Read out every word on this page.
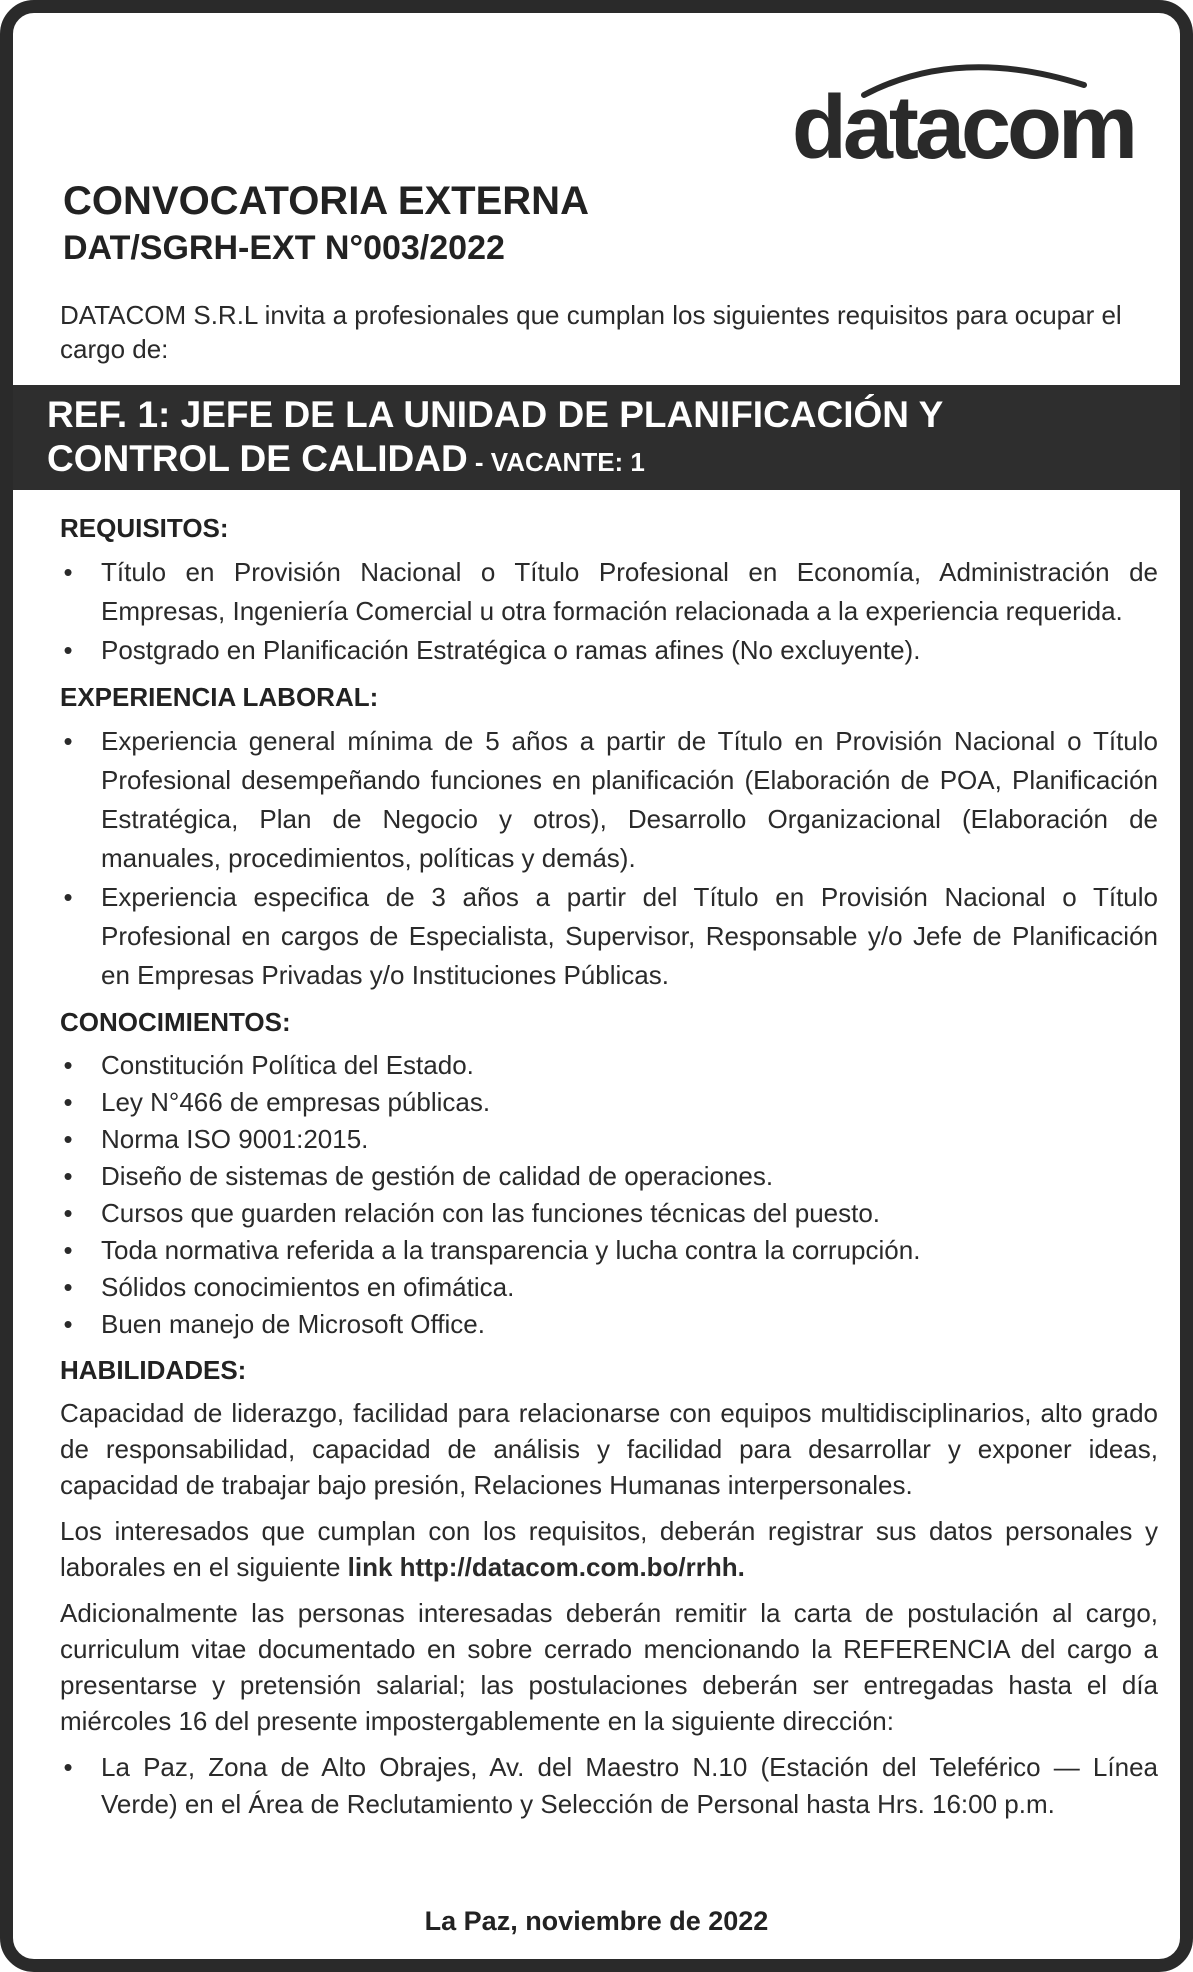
datacom
CONVOCATORIA EXTERNA
DAT/SGRH-EXT N°003/2022

DATACOM S.R.L invita a profesionales que cumplan los siguientes requisitos para ocupar el cargo de:

REF. 1: JEFE DE LA UNIDAD DE PLANIFICACIÓN Y
CONTROL DE CALIDAD - VACANTE: 1
REQUISITOS:
• Título en Provisión Nacional o Título Profesional en Economía, Administración de Empresas, Ingeniería Comercial u otra formación relacionada a la experiencia requerida.
• Postgrado en Planificación Estratégica o ramas afines (No excluyente).
EXPERIENCIA LABORAL:
• Experiencia general mínima de 5 años a partir de Título en Provisión Nacional o Título Profesional desempeñando funciones en planificación (Elaboración de POA, Planificación Estratégica, Plan de Negocio y otros), Desarrollo Organizacional (Elaboración de manuales, procedimientos, políticas y demás).
• Experiencia especifica de 3 años a partir del Título en Provisión Nacional o Título Profesional en cargos de Especialista, Supervisor, Responsable y/o Jefe de Planificación en Empresas Privadas y/o Instituciones Públicas.
CONOCIMIENTOS:
• Constitución Política del Estado.
• Ley N°466 de empresas públicas.
• Norma ISO 9001:2015.
• Diseño de sistemas de gestión de calidad de operaciones.
• Cursos que guarden relación con las funciones técnicas del puesto.
• Toda normativa referida a la transparencia y lucha contra la corrupción.
• Sólidos conocimientos en ofimática.
• Buen manejo de Microsoft Office.
HABILIDADES:

Capacidad de liderazgo, facilidad para relacionarse con equipos multidisciplinarios, alto grado de responsabilidad, capacidad de análisis y facilidad para desarrollar y exponer ideas, capacidad de trabajar bajo presión, Relaciones Humanas interpersonales.

Los interesados que cumplan con los requisitos, deberán registrar sus datos personales y laborales en el siguiente link http://datacom.com.bo/rrhh.

Adicionalmente las personas interesadas deberán remitir la carta de postulación al cargo, curriculum vitae documentado en sobre cerrado mencionando la REFERENCIA del cargo a presentarse y pretensión salarial; las postulaciones deberán ser entregadas hasta el día miércoles 16 del presente impostergablemente en la siguiente dirección:

• La Paz, Zona de Alto Obrajes, Av. del Maestro N.10 (Estación del Teleférico — Línea Verde) en el Área de Reclutamiento y Selección de Personal hasta Hrs. 16:00 p.m.
La Paz, noviembre de 2022
